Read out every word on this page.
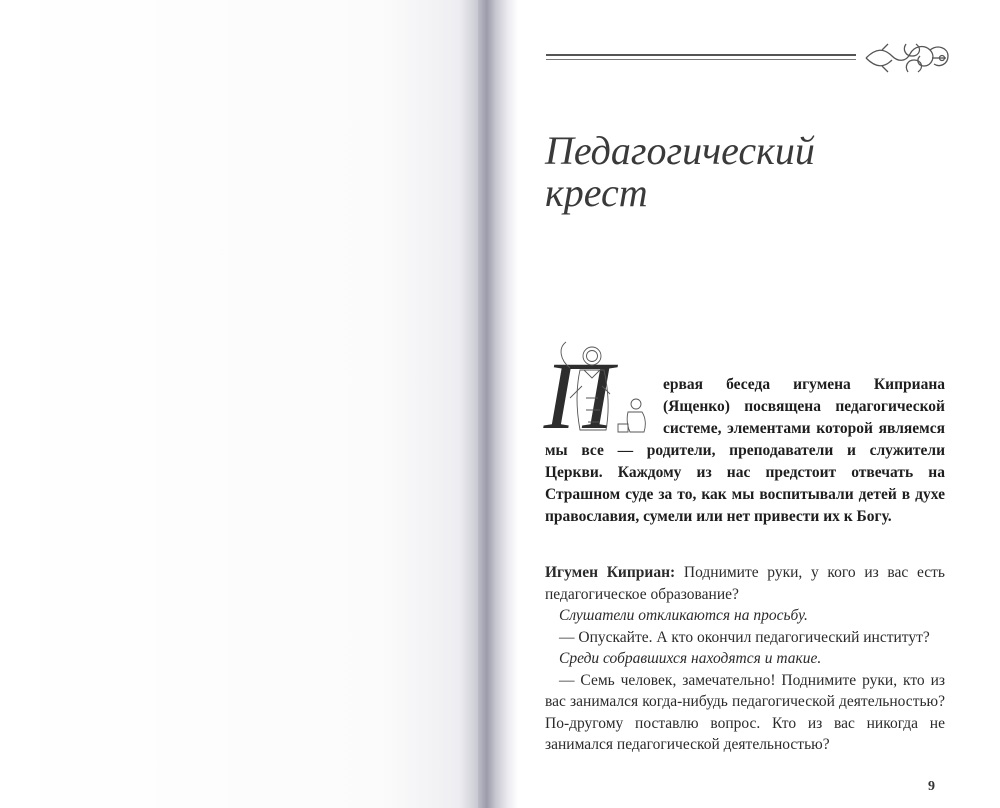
Педагогический
крест
П	ервая беседа игумена Киприана (Ященко) посвящена педагогической системе, элементами которой являемся мы все — родители, преподаватели и служители Церкви. Каждому из нас предстоит отвечать на Страшном суде за то, как мы воспитывали детей в духе православия, сумели или нет привести их к Богу.

Игумен Киприан: Поднимите руки, у кого из вас есть педагогическое образование?

Слушатели откликаются на просьбу.

— Опускайте. А кто окончил педагогический институт?

Среди собравшихся находятся и такие.

— Семь человек, замечательно! Поднимите руки, кто из вас занимался когда-нибудь педагогической деятельностью? По-другому поставлю вопрос. Кто из вас никогда не занимался педагогической деятельностью?

9
